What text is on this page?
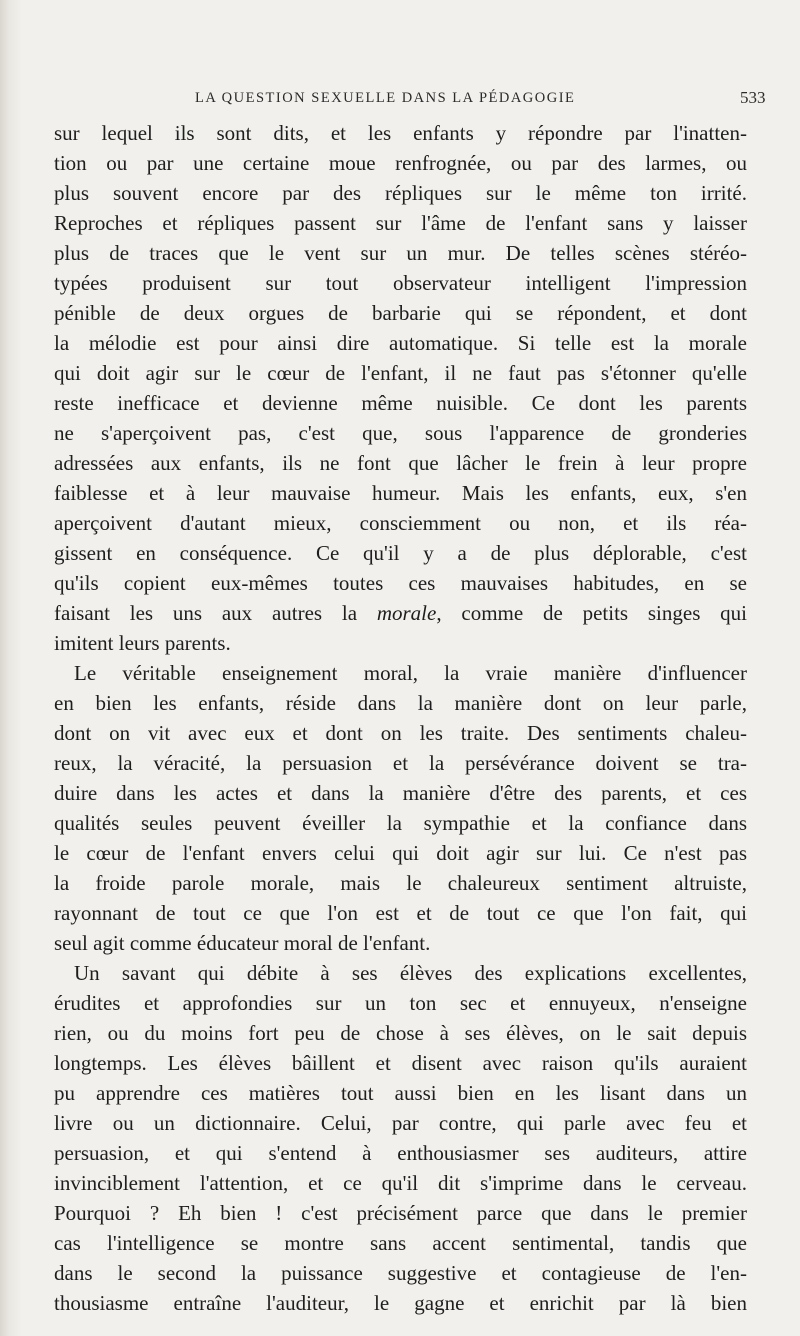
LA QUESTION SEXUELLE DANS LA PÉDAGOGIE	533
sur lequel ils sont dits, et les enfants y répondre par l'inatten-
tion ou par une certaine moue renfrognée, ou par des larmes, ou
plus souvent encore par des répliques sur le même ton irrité.
Reproches et répliques passent sur l'âme de l'enfant sans y laisser
plus de traces que le vent sur un mur. De telles scènes stéréo-
typées produisent sur tout observateur intelligent l'impression
pénible de deux orgues de barbarie qui se répondent, et dont
la mélodie est pour ainsi dire automatique. Si telle est la morale
qui doit agir sur le cœur de l'enfant, il ne faut pas s'étonner qu'elle
reste inefficace et devienne même nuisible. Ce dont les parents
ne s'aperçoivent pas, c'est que, sous l'apparence de gronderies
adressées aux enfants, ils ne font que lâcher le frein à leur propre
faiblesse et à leur mauvaise humeur. Mais les enfants, eux, s'en
aperçoivent d'autant mieux, consciemment ou non, et ils réa-
gissent en conséquence. Ce qu'il y a de plus déplorable, c'est
qu'ils copient eux-mêmes toutes ces mauvaises habitudes, en se
faisant les uns aux autres la morale, comme de petits singes qui
imitent leurs parents.
Le véritable enseignement moral, la vraie manière d'influencer
en bien les enfants, réside dans la manière dont on leur parle,
dont on vit avec eux et dont on les traite. Des sentiments chaleu-
reux, la véracité, la persuasion et la persévérance doivent se tra-
duire dans les actes et dans la manière d'être des parents, et ces
qualités seules peuvent éveiller la sympathie et la confiance dans
le cœur de l'enfant envers celui qui doit agir sur lui. Ce n'est pas
la froide parole morale, mais le chaleureux sentiment altruiste,
rayonnant de tout ce que l'on est et de tout ce que l'on fait, qui
seul agit comme éducateur moral de l'enfant.
Un savant qui débite à ses élèves des explications excellentes,
érudites et approfondies sur un ton sec et ennuyeux, n'enseigne
rien, ou du moins fort peu de chose à ses élèves, on le sait depuis
longtemps. Les élèves bâillent et disent avec raison qu'ils auraient
pu apprendre ces matières tout aussi bien en les lisant dans un
livre ou un dictionnaire. Celui, par contre, qui parle avec feu et
persuasion, et qui s'entend à enthousiasmer ses auditeurs, attire
invinciblement l'attention, et ce qu'il dit s'imprime dans le cerveau.
Pourquoi ? Eh bien ! c'est précisément parce que dans le premier
cas l'intelligence se montre sans accent sentimental, tandis que
dans le second la puissance suggestive et contagieuse de l'en-
thousiasme entraîne l'auditeur, le gagne et enrichit par là bien
